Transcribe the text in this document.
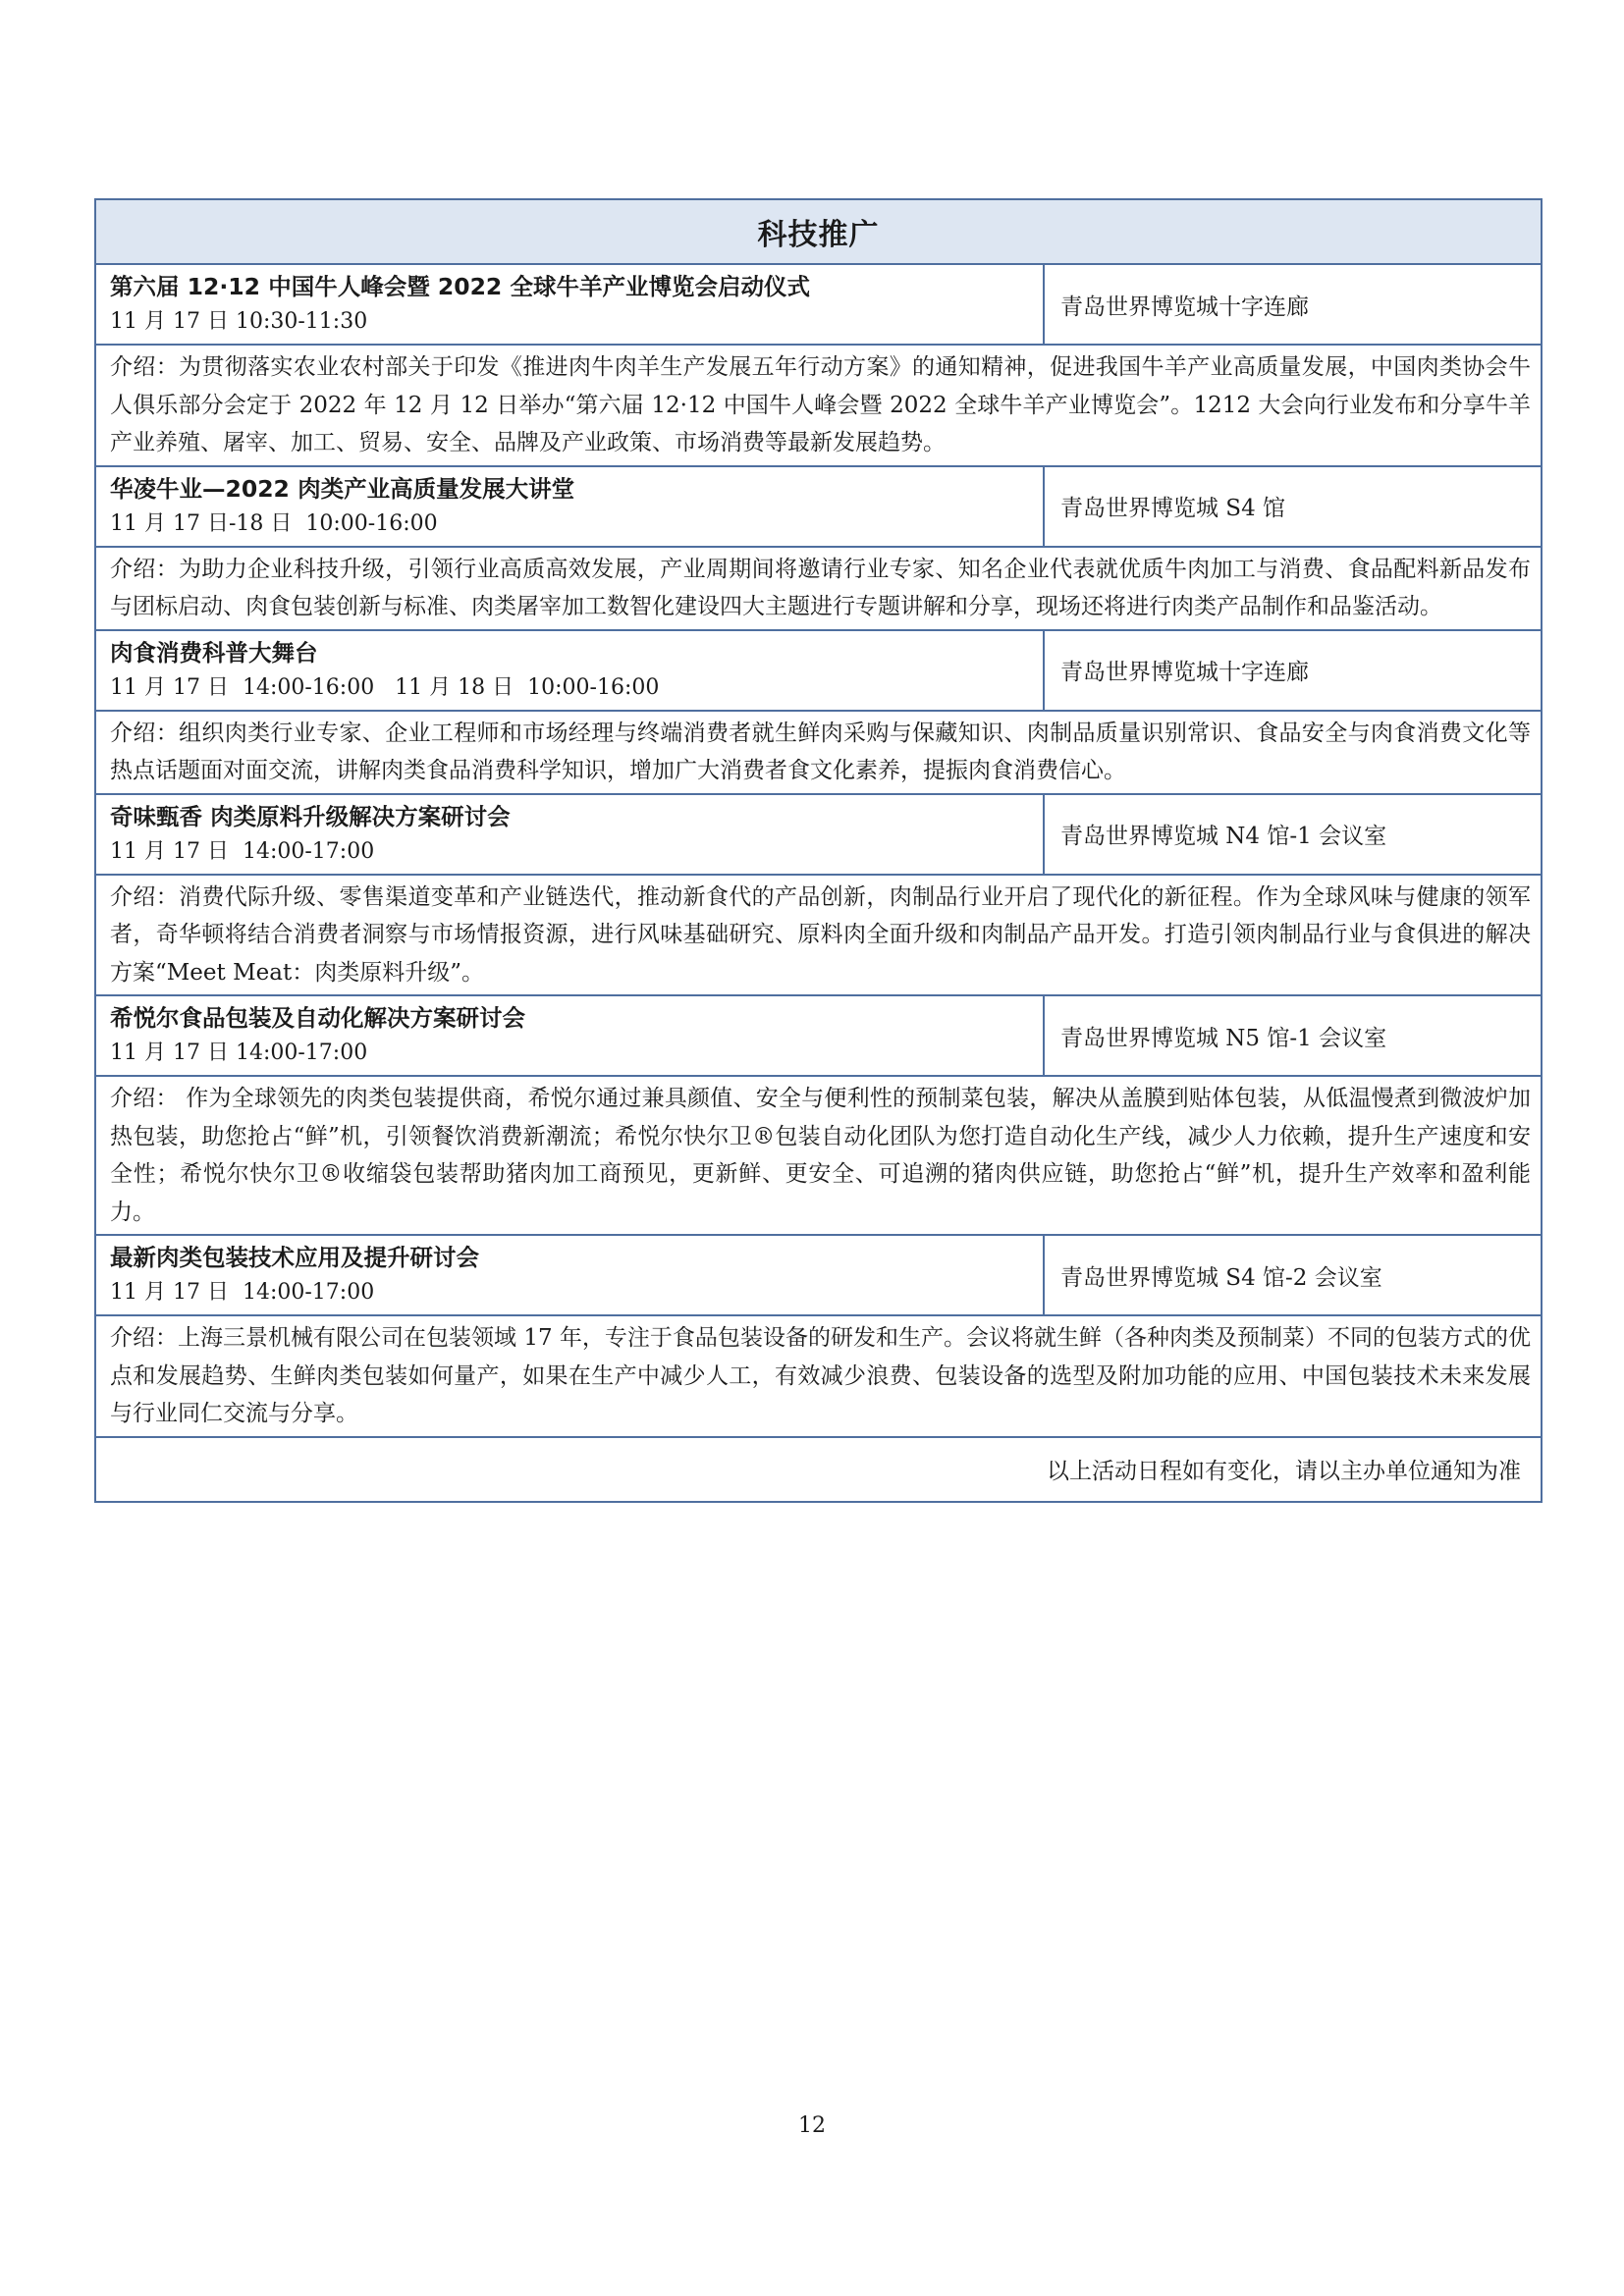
科技推广	

第六届 12·12 中国牛人峰会暨 2022 全球牛羊产业博览会启动仪式
11 月 17 日 10:30-11:30	青岛世界博览城十字连廊
介绍：为贯彻落实农业农村部关于印发《推进肉牛肉羊生产发展五年行动方案》的通知精神，促进我国牛羊产业高质量发展，中国肉类协会牛人俱乐部分会定于 2022 年 12 月 12 日举办“第六届 12·12 中国牛人峰会暨 2022 全球牛羊产业博览会”。1212 大会向行业发布和分享牛羊产业养殖、屠宰、加工、贸易、安全、品牌及产业政策、市场消费等最新发展趋势。	

华凌牛业—2022 肉类产业高质量发展大讲堂
11 月 17 日-18 日  10:00-16:00	青岛世界博览城 S4 馆
介绍：为助力企业科技升级，引领行业高质高效发展，产业周期间将邀请行业专家、知名企业代表就优质牛肉加工与消费、食品配料新品发布与团标启动、肉食包装创新与标准、肉类屠宰加工数智化建设四大主题进行专题讲解和分享，现场还将进行肉类产品制作和品鉴活动。	

肉食消费科普大舞台
11 月 17 日  14:00-16:00   11 月 18 日  10:00-16:00	青岛世界博览城十字连廊
介绍：组织肉类行业专家、企业工程师和市场经理与终端消费者就生鲜肉采购与保藏知识、肉制品质量识别常识、食品安全与肉食消费文化等热点话题面对面交流，讲解肉类食品消费科学知识，增加广大消费者食文化素养，提振肉食消费信心。	

奇味甄香 肉类原料升级解决方案研讨会
11 月 17 日  14:00-17:00	青岛世界博览城 N4 馆-1 会议室
介绍：消费代际升级、零售渠道变革和产业链迭代，推动新食代的产品创新，肉制品行业开启了现代化的新征程。作为全球风味与健康的领军者，奇华顿将结合消费者洞察与市场情报资源，进行风味基础研究、原料肉全面升级和肉制品产品开发。打造引领肉制品行业与食俱进的解决方案“Meet Meat：肉类原料升级”。	

希悦尔食品包装及自动化解决方案研讨会
11 月 17 日 14:00-17:00	青岛世界博览城 N5 馆-1 会议室
介绍： 作为全球领先的肉类包装提供商，希悦尔通过兼具颜值、安全与便利性的预制菜包装，解决从盖膜到贴体包装，从低温慢煮到微波炉加热包装，助您抢占“鲜”机，引领餐饮消费新潮流；希悦尔快尔卫®包装自动化团队为您打造自动化生产线，减少人力依赖，提升生产速度和安全性；希悦尔快尔卫®收缩袋包装帮助猪肉加工商预见，更新鲜、更安全、可追溯的猪肉供应链，助您抢占“鲜”机，提升生产效率和盈利能力。	

最新肉类包装技术应用及提升研讨会
11 月 17 日  14:00-17:00	青岛世界博览城 S4 馆-2 会议室
介绍：上海三景机械有限公司在包装领域 17 年，专注于食品包装设备的研发和生产。会议将就生鲜（各种肉类及预制菜）不同的包装方式的优点和发展趋势、生鲜肉类包装如何量产，如果在生产中减少人工，有效减少浪费、包装设备的选型及附加功能的应用、中国包装技术未来发展与行业同仁交流与分享。	
以上活动日程如有变化，请以主办单位通知为准	
12
